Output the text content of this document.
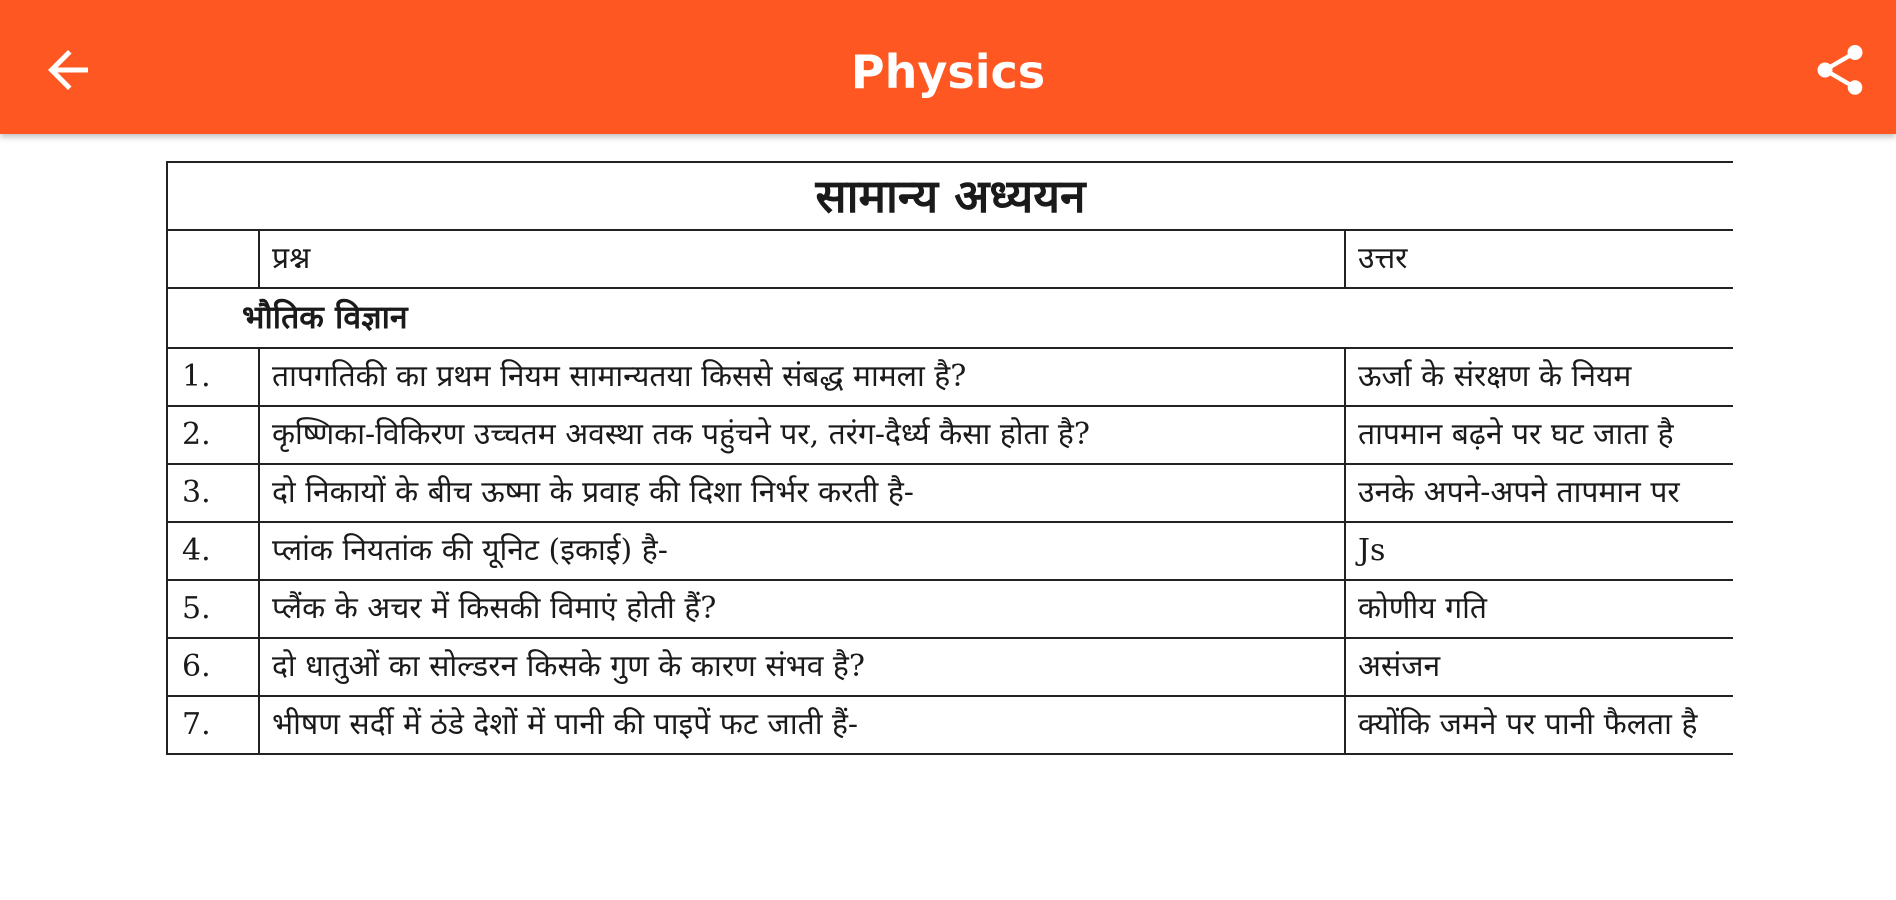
Physics
सामान्य अध्ययन		
	प्रश्न	उत्तर
भौतिक विज्ञान		
1.	तापगतिकी का प्रथम नियम सामान्यतया किससे संबद्ध मामला है?	ऊर्जा के संरक्षण के नियम
2.	कृष्णिका-विकिरण उच्चतम अवस्था तक पहुंचने पर, तरंग-दैर्ध्य कैसा होता है?	तापमान बढ़ने पर घट जाता है
3.	दो निकायों के बीच ऊष्मा के प्रवाह की दिशा निर्भर करती है-	उनके अपने-अपने तापमान पर
4.	प्लांक नियतांक की यूनिट (इकाई) है-	Js
5.	प्लैंक के अचर में किसकी विमाएं होती हैं?	कोणीय गति
6.	दो धातुओं का सोल्डरन किसके गुण के कारण संभव है?	असंजन
7.	भीषण सर्दी में ठंडे देशों में पानी की पाइपें फट जाती हैं-	क्योंकि जमने पर पानी फैलता है
